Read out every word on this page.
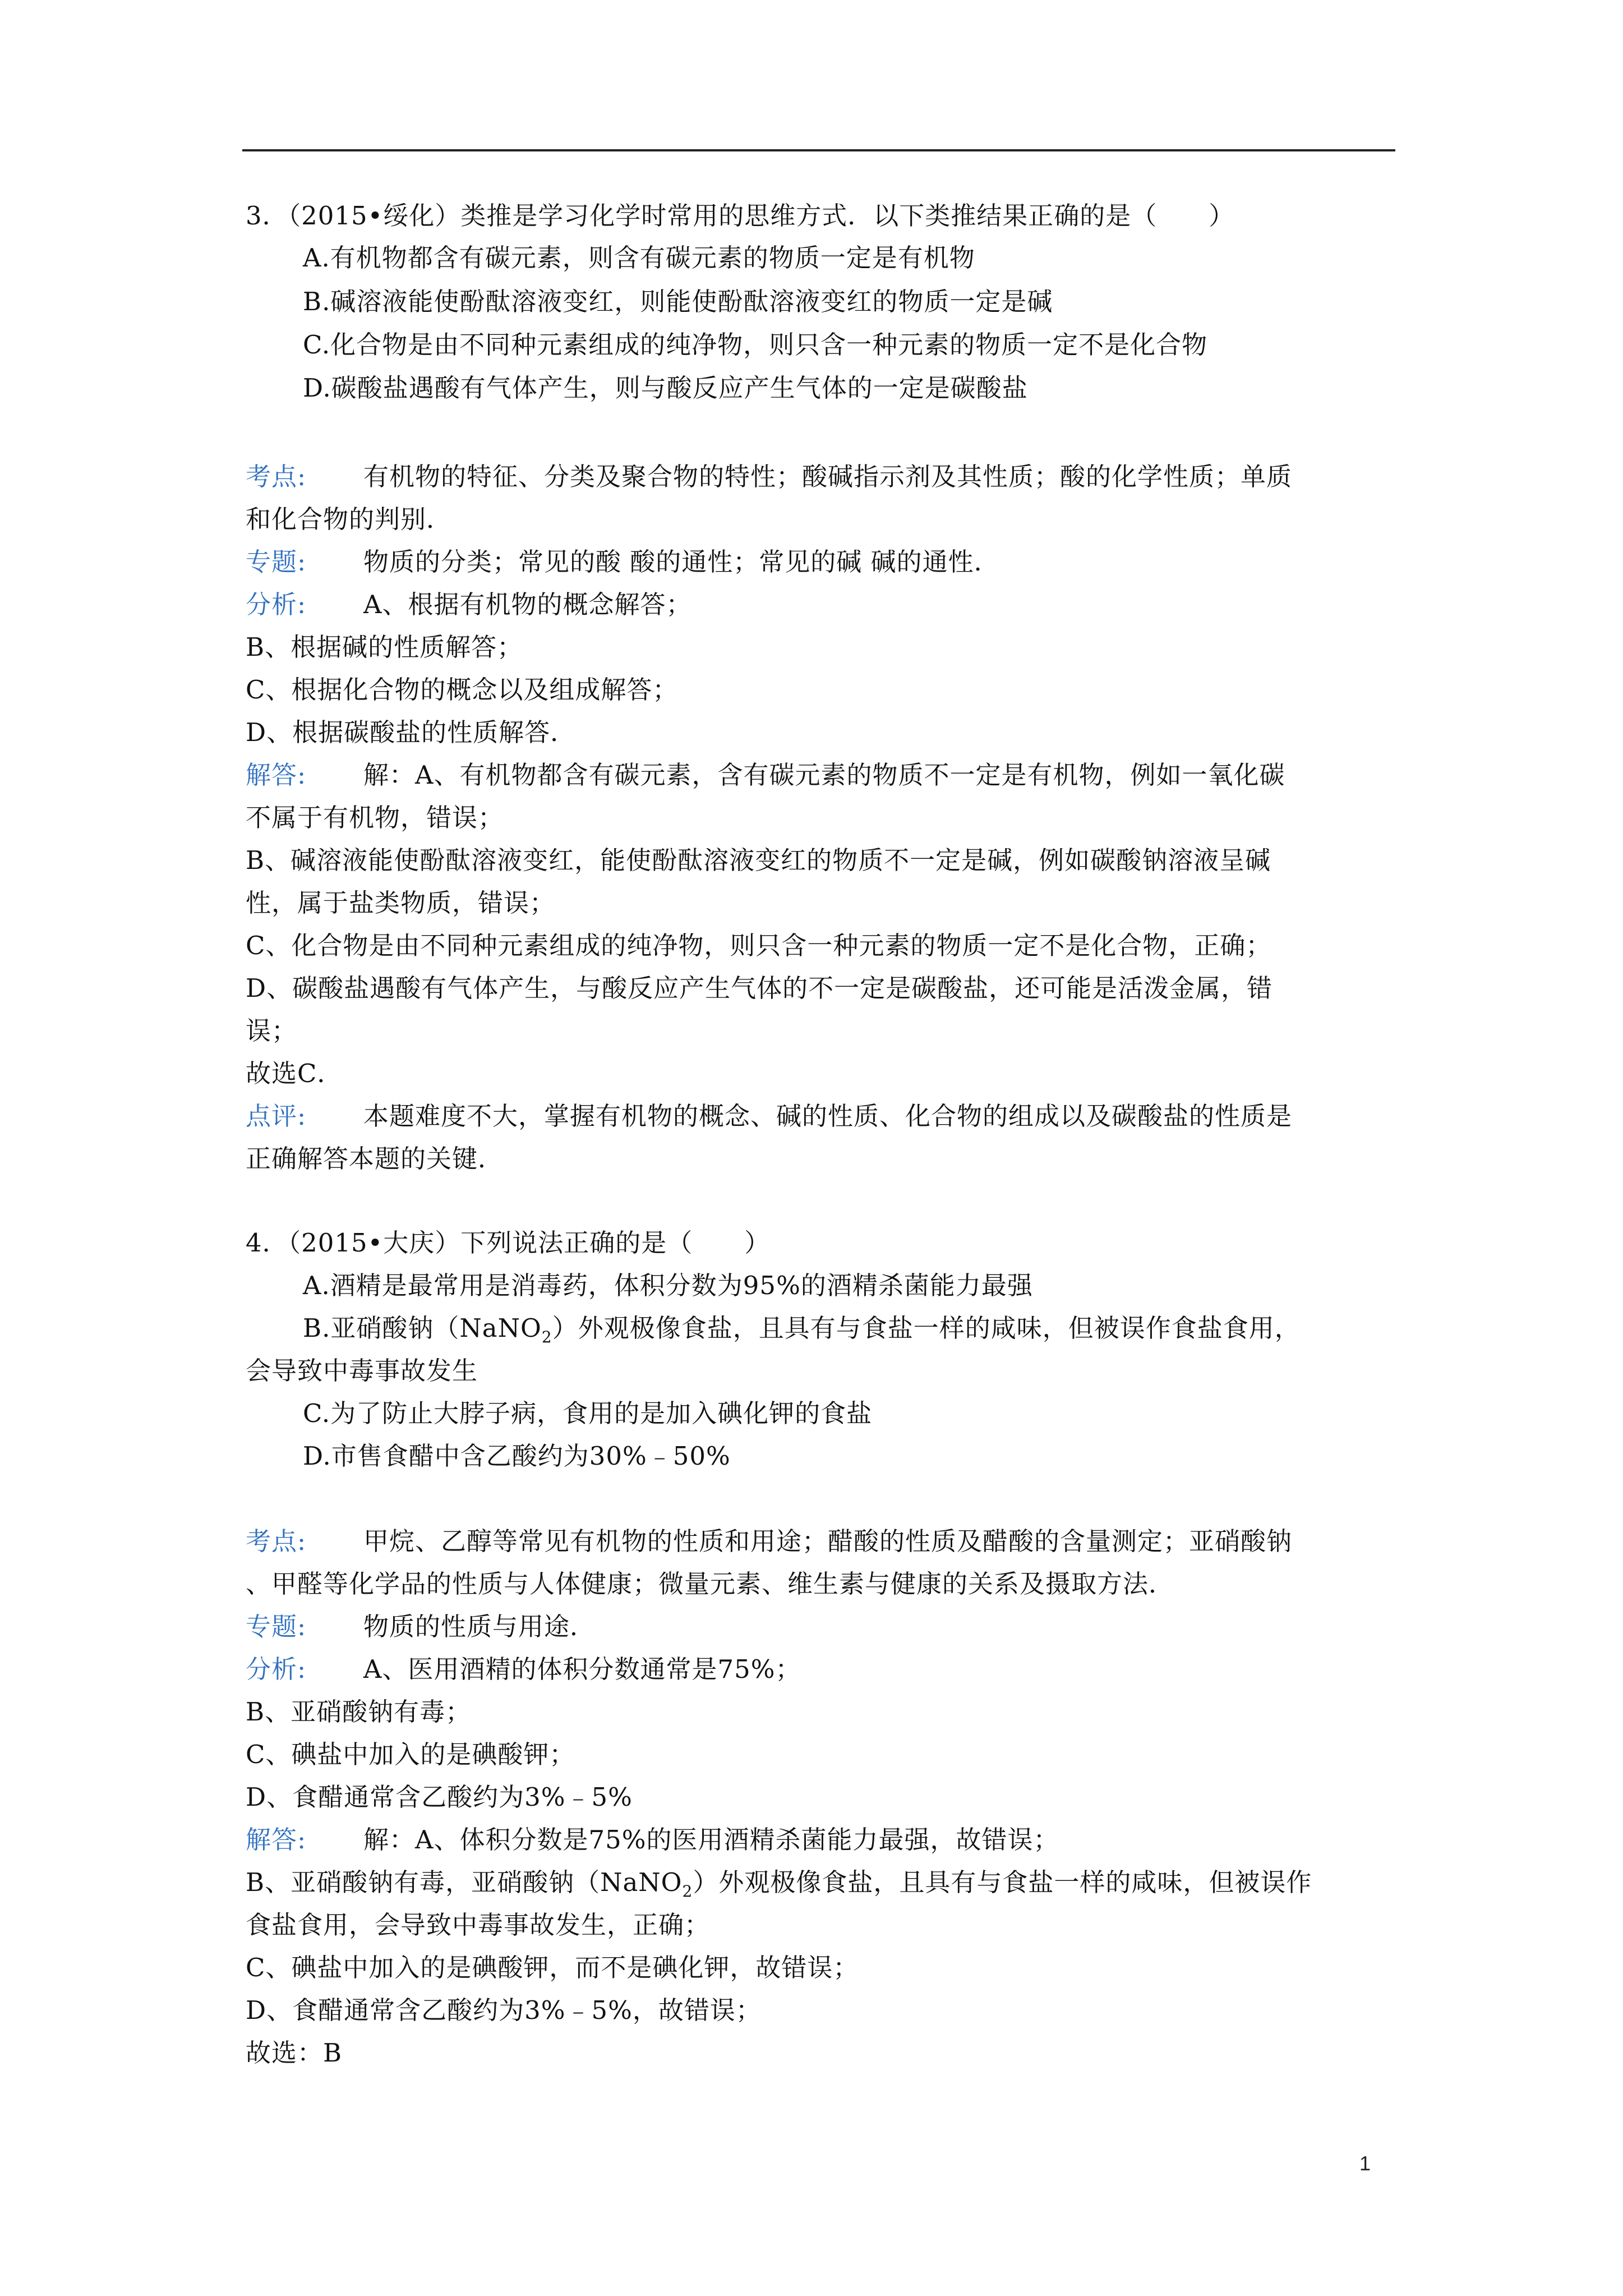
3．（2015•绥化）类推是学习化学时常用的思维方式．以下类推结果正确的是（　　）
A.有机物都含有碳元素，则含有碳元素的物质一定是有机物
B.碱溶液能使酚酞溶液变红，则能使酚酞溶液变红的物质一定是碱
C.化合物是由不同种元素组成的纯净物，则只含一种元素的物质一定不是化合物
D.碳酸盐遇酸有气体产生，则与酸反应产生气体的一定是碳酸盐
考点: 有机物的特征、分类及聚合物的特性；酸碱指示剂及其性质；酸的化学性质；单质
和化合物的判别．
专题: 物质的分类；常见的酸 酸的通性；常见的碱 碱的通性．
分析: A、根据有机物的概念解答；
B、根据碱的性质解答；
C、根据化合物的概念以及组成解答；
D、根据碳酸盐的性质解答．
解答: 解：A、有机物都含有碳元素，含有碳元素的物质不一定是有机物，例如一氧化碳
不属于有机物，错误；
B、碱溶液能使酚酞溶液变红，能使酚酞溶液变红的物质不一定是碱，例如碳酸钠溶液呈碱
性，属于盐类物质，错误；
C、化合物是由不同种元素组成的纯净物，则只含一种元素的物质一定不是化合物，正确；
D、碳酸盐遇酸有气体产生，与酸反应产生气体的不一定是碳酸盐，还可能是活泼金属，错
误；
故选C．
点评: 本题难度不大，掌握有机物的概念、碱的性质、化合物的组成以及碳酸盐的性质是
正确解答本题的关键．
4．（2015•大庆）下列说法正确的是（　　）
A.酒精是最常用是消毒药，体积分数为95%的酒精杀菌能力最强
B.亚硝酸钠（NaNO$_2$）外观极像食盐，且具有与食盐一样的咸味，但被误作食盐食用，
会导致中毒事故发生
C.为了防止大脖子病，食用的是加入碘化钾的食盐
D.市售食醋中含乙酸约为30%﹣50%
考点: 甲烷、乙醇等常见有机物的性质和用途；醋酸的性质及醋酸的含量测定；亚硝酸钠
、甲醛等化学品的性质与人体健康；微量元素、维生素与健康的关系及摄取方法．
专题: 物质的性质与用途．
分析: A、医用酒精的体积分数通常是75%；
B、亚硝酸钠有毒；
C、碘盐中加入的是碘酸钾；
D、食醋通常含乙酸约为3%﹣5%
解答: 解：A、体积分数是75%的医用酒精杀菌能力最强，故错误；
B、亚硝酸钠有毒，亚硝酸钠（NaNO$_2$）外观极像食盐，且具有与食盐一样的咸味，但被误作
食盐食用，会导致中毒事故发生，正确；
C、碘盐中加入的是碘酸钾，而不是碘化钾，故错误；
D、食醋通常含乙酸约为3%﹣5%，故错误；
故选：B
1
